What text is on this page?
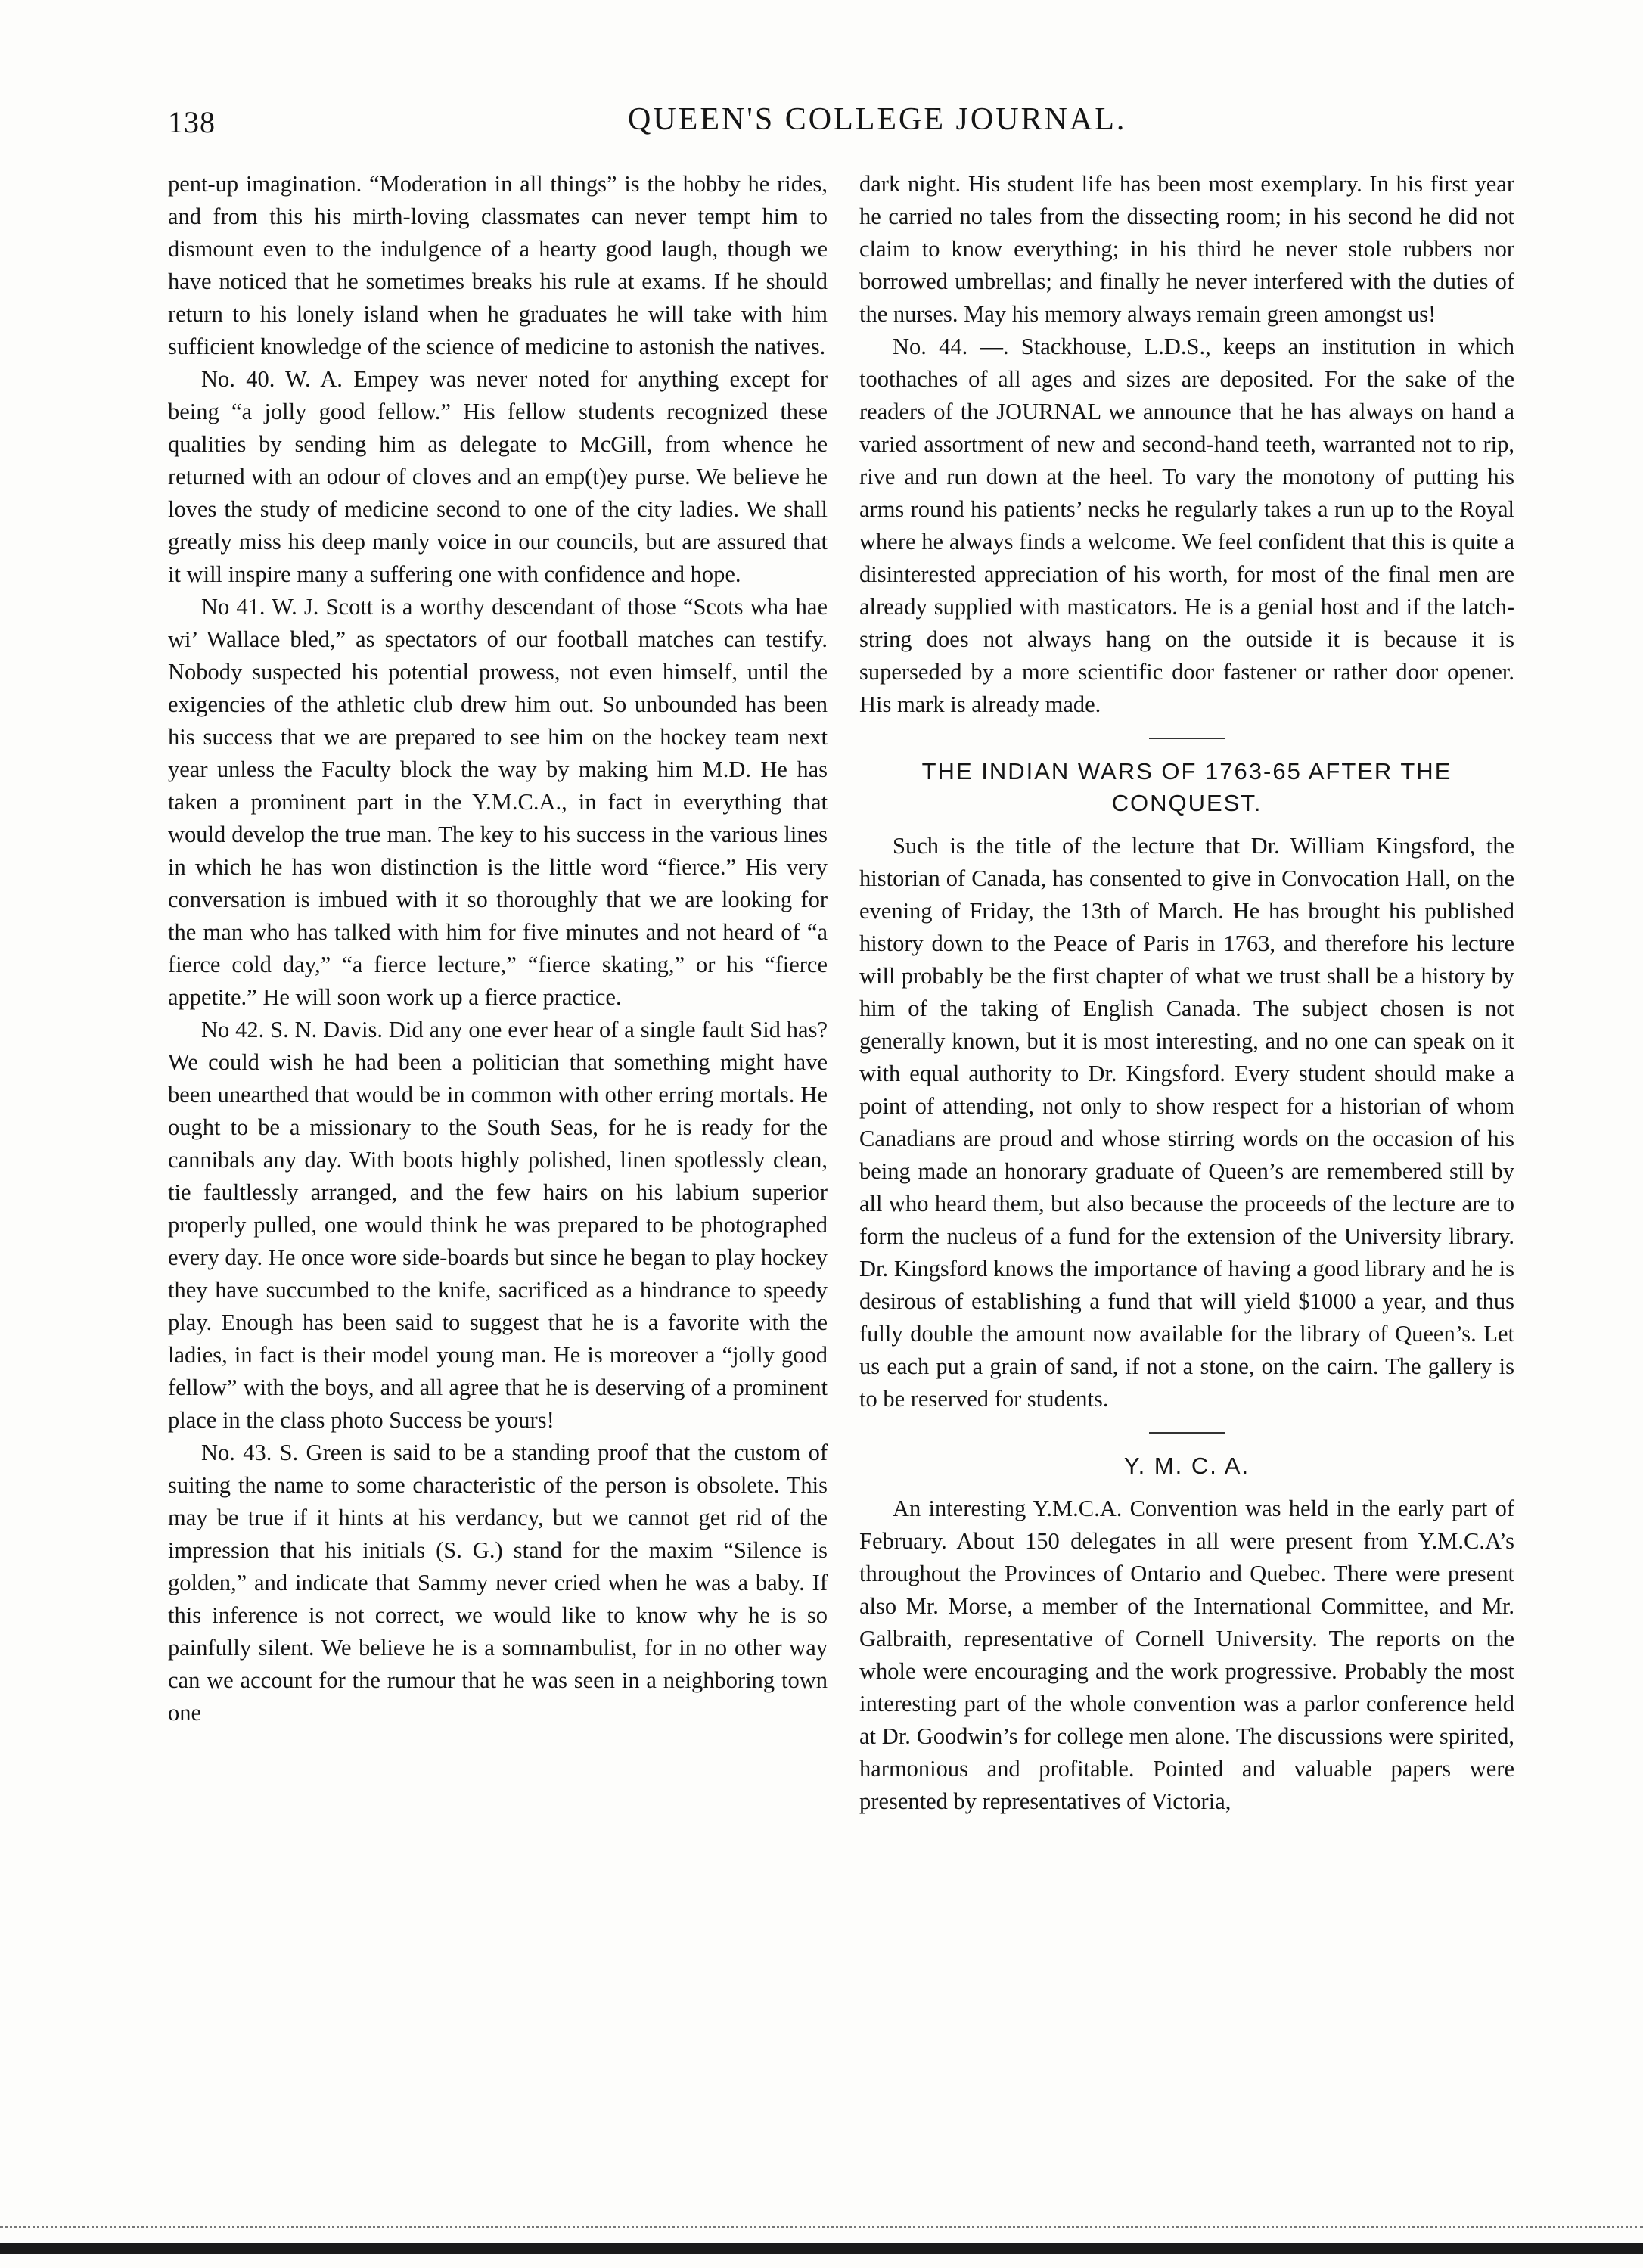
138	QUEEN'S COLLEGE JOURNAL.

pent-up imagination. “Moderation in all things” is the hobby he rides, and from this his mirth-loving classmates can never tempt him to dismount even to the indulgence of a hearty good laugh, though we have noticed that he sometimes breaks his rule at exams. If he should return to his lonely island when he graduates he will take with him sufficient knowledge of the science of medicine to astonish the natives.

No. 40. W. A. Empey was never noted for anything except for being “a jolly good fellow.” His fellow students recognized these qualities by sending him as delegate to McGill, from whence he returned with an odour of cloves and an emp(t)ey purse. We believe he loves the study of medicine second to one of the city ladies. We shall greatly miss his deep manly voice in our councils, but are assured that it will inspire many a suffering one with confidence and hope.

No 41. W. J. Scott is a worthy descendant of those “Scots wha hae wi’ Wallace bled,” as spectators of our football matches can testify. Nobody suspected his potential prowess, not even himself, until the exigencies of the athletic club drew him out. So unbounded has been his success that we are prepared to see him on the hockey team next year unless the Faculty block the way by making him M.D. He has taken a prominent part in the Y.M.C.A., in fact in everything that would develop the true man. The key to his success in the various lines in which he has won distinction is the little word “fierce.” His very conversation is imbued with it so thoroughly that we are looking for the man who has talked with him for five minutes and not heard of “a fierce cold day,” “a fierce lecture,” “fierce skating,” or his “fierce appetite.” He will soon work up a fierce practice.

No 42. S. N. Davis. Did any one ever hear of a single fault Sid has? We could wish he had been a politician that something might have been unearthed that would be in common with other erring mortals. He ought to be a missionary to the South Seas, for he is ready for the cannibals any day. With boots highly polished, linen spotlessly clean, tie faultlessly arranged, and the few hairs on his labium superior properly pulled, one would think he was prepared to be photographed every day. He once wore side-boards but since he began to play hockey they have succumbed to the knife, sacrificed as a hindrance to speedy play. Enough has been said to suggest that he is a favorite with the ladies, in fact is their model young man. He is moreover a “jolly good fellow” with the boys, and all agree that he is deserving of a prominent place in the class photo Success be yours!

No. 43. S. Green is said to be a standing proof that the custom of suiting the name to some characteristic of the person is obsolete. This may be true if it hints at his verdancy, but we cannot get rid of the impression that his initials (S. G.) stand for the maxim “Silence is golden,” and indicate that Sammy never cried when he was a baby. If this inference is not correct, we would like to know why he is so painfully silent. We believe he is a somnambulist, for in no other way can we account for the rumour that he was seen in a neighboring town one

dark night. His student life has been most exemplary. In his first year he carried no tales from the dissecting room; in his second he did not claim to know everything; in his third he never stole rubbers nor borrowed umbrellas; and finally he never interfered with the duties of the nurses. May his memory always remain green amongst us!

No. 44. —. Stackhouse, L.D.S., keeps an institution in which toothaches of all ages and sizes are deposited. For the sake of the readers of the JOURNAL we announce that he has always on hand a varied assortment of new and second-hand teeth, warranted not to rip, rive and run down at the heel. To vary the monotony of putting his arms round his patients’ necks he regularly takes a run up to the Royal where he always finds a welcome. We feel confident that this is quite a disinterested appreciation of his worth, for most of the final men are already supplied with masticators. He is a genial host and if the latch-string does not always hang on the outside it is because it is superseded by a more scientific door fastener or rather door opener. His mark is already made.

THE INDIAN WARS OF 1763-65 AFTER THE CONQUEST.

Such is the title of the lecture that Dr. William Kingsford, the historian of Canada, has consented to give in Convocation Hall, on the evening of Friday, the 13th of March. He has brought his published history down to the Peace of Paris in 1763, and therefore his lecture will probably be the first chapter of what we trust shall be a history by him of the taking of English Canada. The subject chosen is not generally known, but it is most interesting, and no one can speak on it with equal authority to Dr. Kingsford. Every student should make a point of attending, not only to show respect for a historian of whom Canadians are proud and whose stirring words on the occasion of his being made an honorary graduate of Queen’s are remembered still by all who heard them, but also because the proceeds of the lecture are to form the nucleus of a fund for the extension of the University library. Dr. Kingsford knows the importance of having a good library and he is desirous of establishing a fund that will yield $1000 a year, and thus fully double the amount now available for the library of Queen’s. Let us each put a grain of sand, if not a stone, on the cairn. The gallery is to be reserved for students.

Y. M. C. A.

An interesting Y.M.C.A. Convention was held in the early part of February. About 150 delegates in all were present from Y.M.C.A’s throughout the Provinces of Ontario and Quebec. There were present also Mr. Morse, a member of the International Committee, and Mr. Galbraith, representative of Cornell University. The reports on the whole were encouraging and the work progressive. Probably the most interesting part of the whole convention was a parlor conference held at Dr. Goodwin’s for college men alone. The discussions were spirited, harmonious and profitable. Pointed and valuable papers were presented by representatives of Victoria,
